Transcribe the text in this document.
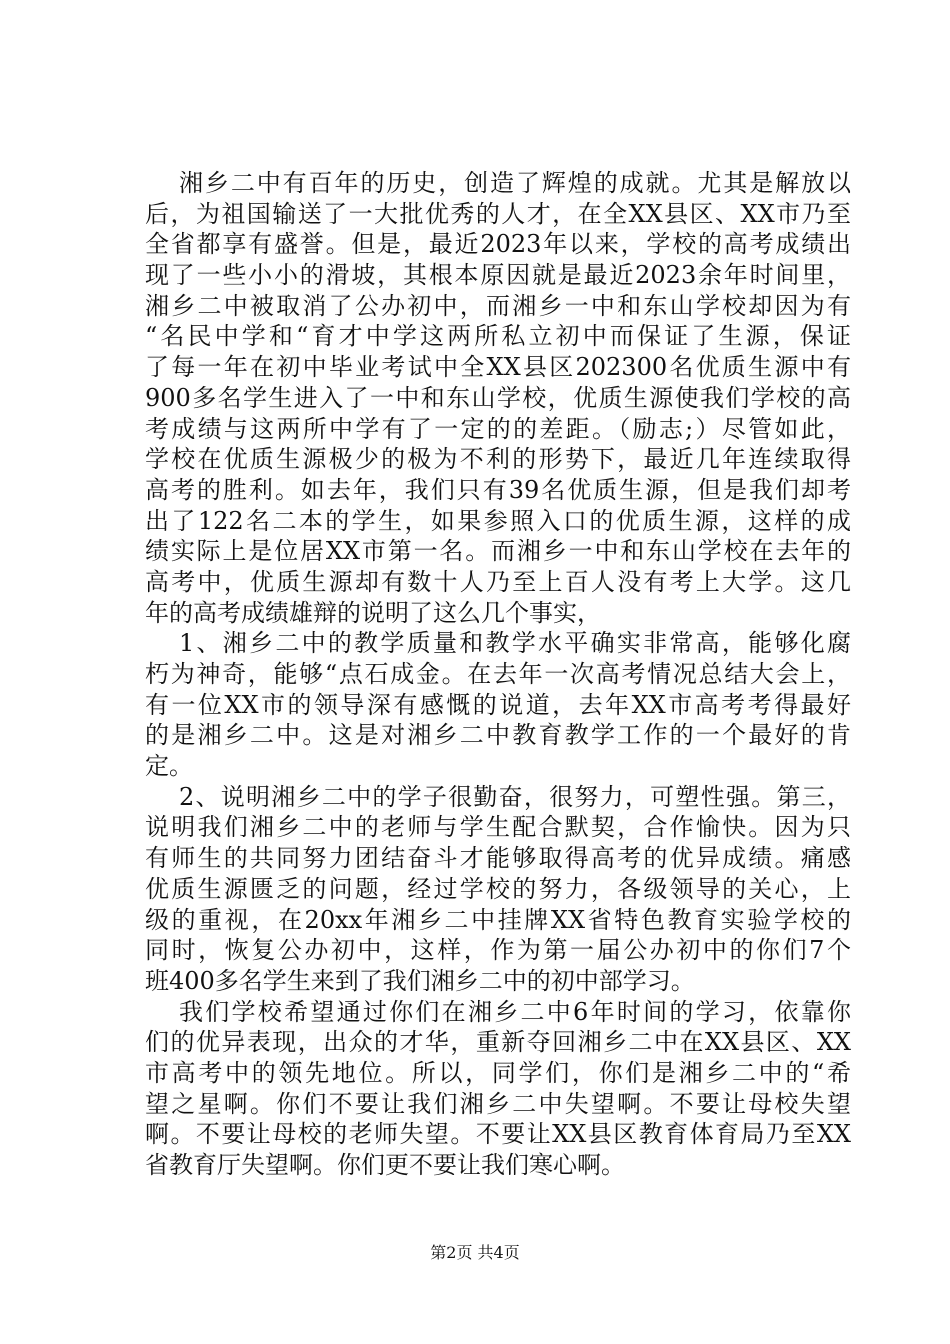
湘乡二中有百年的历史，创造了辉煌的成就。尤其是解放以
后，为祖国输送了一大批优秀的人才，在全XX县区、XX市乃至
全省都享有盛誉。但是，最近2023年以来，学校的高考成绩出
现了一些小小的滑坡，其根本原因就是最近2023余年时间里，
湘乡二中被取消了公办初中，而湘乡一中和东山学校却因为有
“名民中学和“育才中学这两所私立初中而保证了生源，保证
了每一年在初中毕业考试中全XX县区202300名优质生源中有
900多名学生进入了一中和东山学校，优质生源使我们学校的高
考成绩与这两所中学有了一定的的差距。（励志;）尽管如此，
学校在优质生源极少的极为不利的形势下，最近几年连续取得
高考的胜利。如去年，我们只有39名优质生源，但是我们却考
出了122名二本的学生，如果参照入口的优质生源，这样的成
绩实际上是位居XX市第一名。而湘乡一中和东山学校在去年的
高考中，优质生源却有数十人乃至上百人没有考上大学。这几
年的高考成绩雄辩的说明了这么几个事实，
1、湘乡二中的教学质量和教学水平确实非常高，能够化腐
朽为神奇，能够“点石成金。在去年一次高考情况总结大会上，
有一位XX市的领导深有感慨的说道，去年XX市高考考得最好
的是湘乡二中。这是对湘乡二中教育教学工作的一个最好的肯
定。
2、说明湘乡二中的学子很勤奋，很努力，可塑性强。第三，
说明我们湘乡二中的老师与学生配合默契，合作愉快。因为只
有师生的共同努力团结奋斗才能够取得高考的优异成绩。痛感
优质生源匮乏的问题，经过学校的努力，各级领导的关心，上
级的重视，在20xx年湘乡二中挂牌XX省特色教育实验学校的
同时，恢复公办初中，这样，作为第一届公办初中的你们7个
班400多名学生来到了我们湘乡二中的初中部学习。
我们学校希望通过你们在湘乡二中6年时间的学习，依靠你
们的优异表现，出众的才华，重新夺回湘乡二中在XX县区、XX
市高考中的领先地位。所以，同学们，你们是湘乡二中的“希
望之星啊。你们不要让我们湘乡二中失望啊。不要让母校失望
啊。不要让母校的老师失望。不要让XX县区教育体育局乃至XX
省教育厅失望啊。你们更不要让我们寒心啊。
第2页 共4页
